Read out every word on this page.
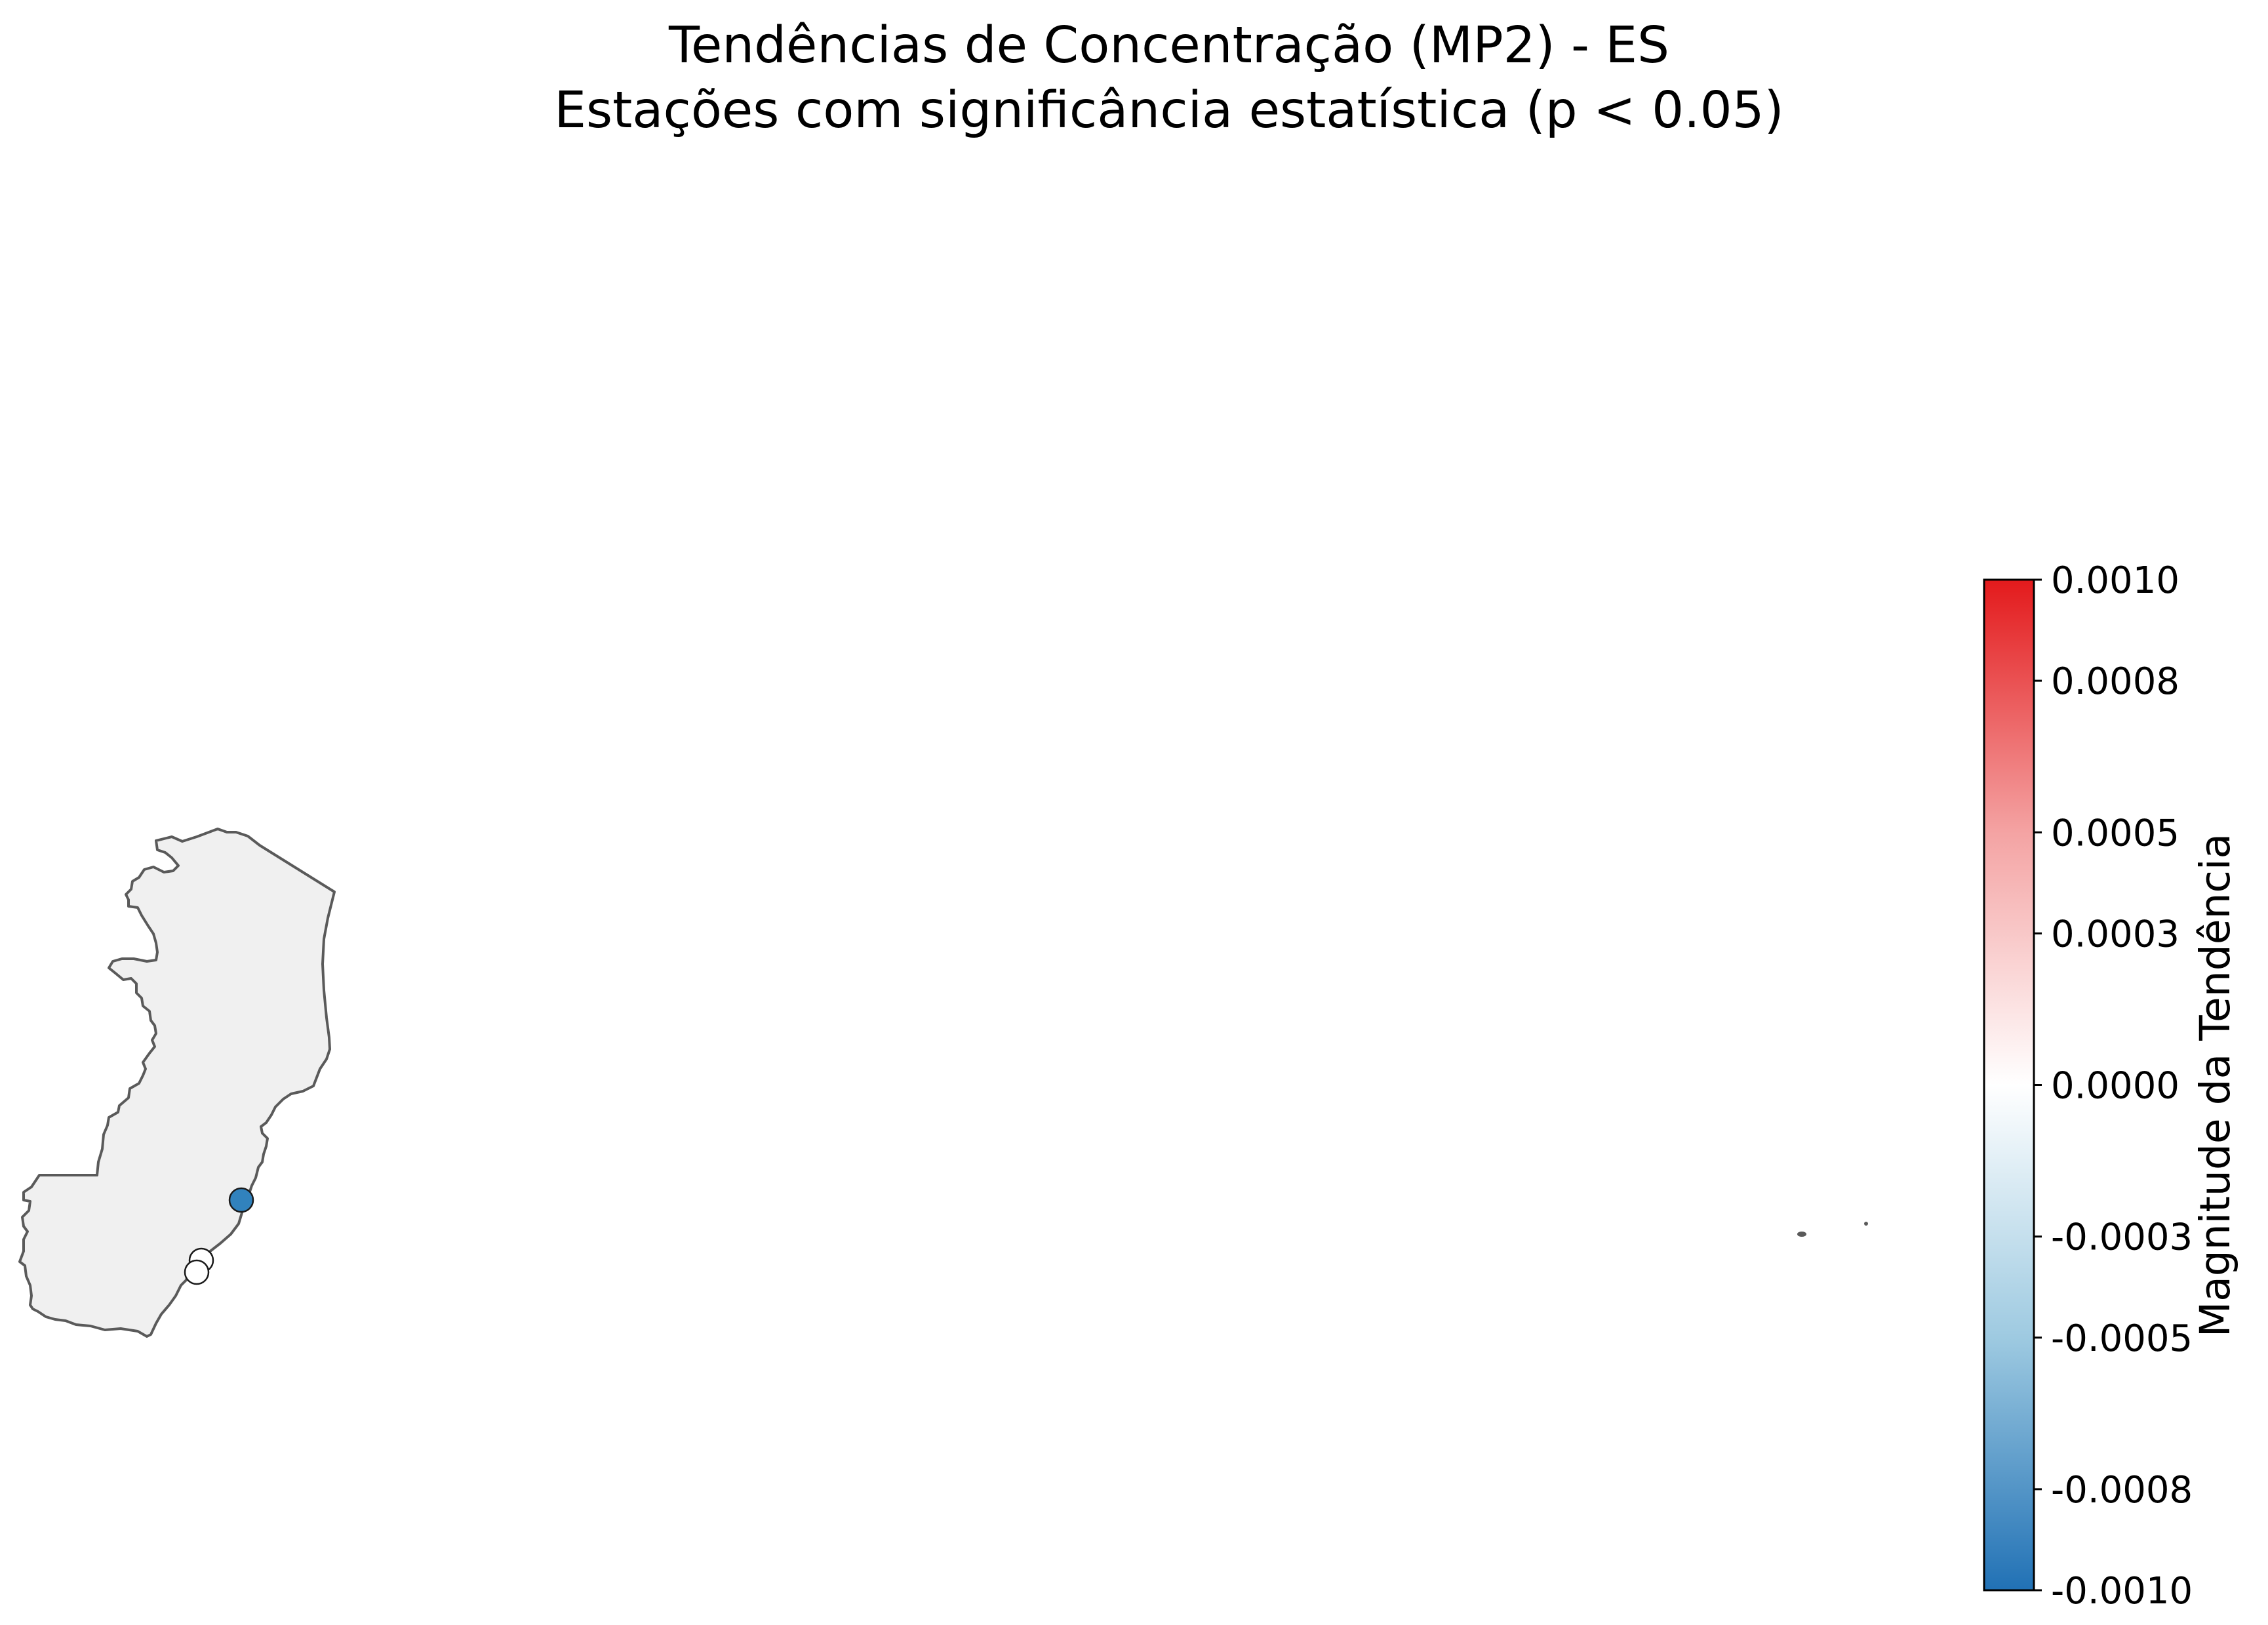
Tendências de Concentração (MP2) - ES
Estações com significância estatística (p < 0.05)
0.0010
0.0008
0.0005
0.0003
0.0000
-0.0003
-0.0005
-0.0008
-0.0010
Magnitude da Tendência
